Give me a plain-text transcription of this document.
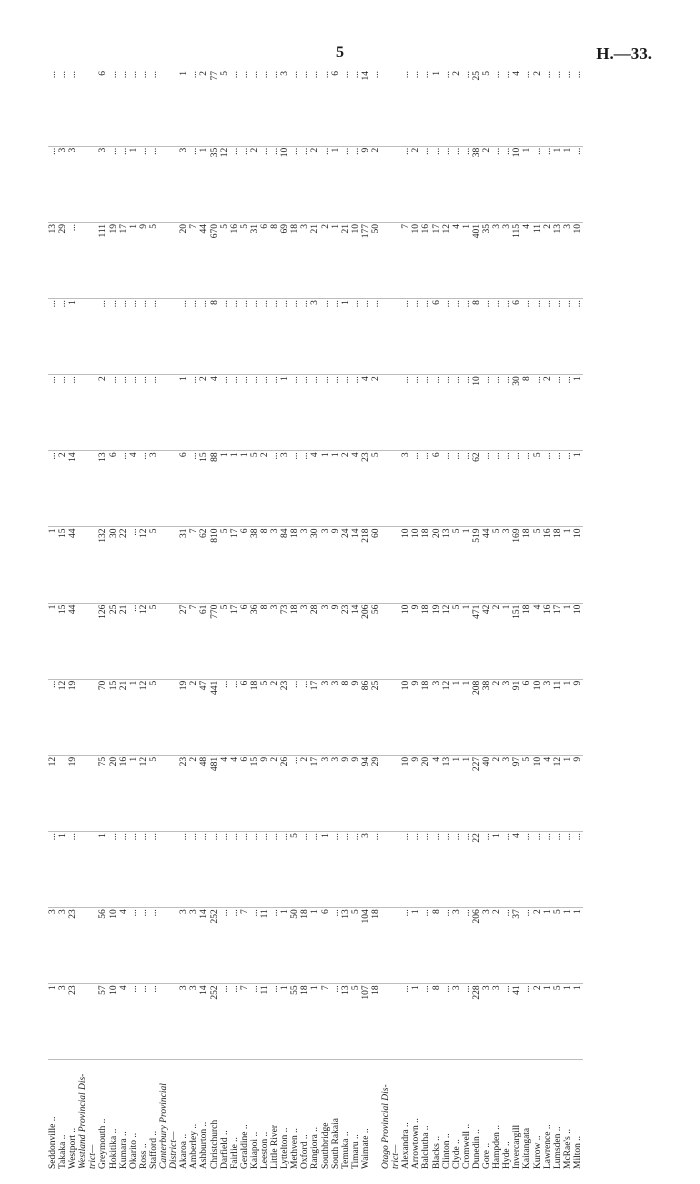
5	H.—33.
Seddonville ..	1	3	...	12	...	1	1	...	...	...	13	...	...
Takaka ..	3	3	1		12	15	15	2	...	...	29	3	...
Westport ..	23	23	...	19	19	44	44	14	...	1	...	3	...
Westland Provincial Dis-													
trict—													
Greymouth ..	57	56	1	75	70	126	132	13	2	...	111	3	6
Hokitika ..	10	10	...	20	15	25	30	6	...	...	19	...	...
Kumara ..	4	4	...	16	21	21	22	...	...	...	17	...	...
Okarito ..	...	...	...	1	1	...	...	4	...	...	1	1	...
Ross ..	...	...	...	12	12	12	12	...	...	...	9	...	...
Stafford ..	...	...	...	5	5	5	5	3	...	...	5	...	...
Canterbury Provincial													
District—													
Akaroa ..	3	3	...	23	19	27	31	6	1	...	20	3	1
Amberley ..	3	3	...	2	2	7	7	...	...	...	7	...	...
Ashburton ..	14	14	...	48	47	61	62	15	2	...	44	1	2
Christchurch	252	252	...	481	441	770	810	88	4	8	670	35	77
Darfield ..	...	...	...	4	...	5	5	1	...	...	5	12	5
Fairlie ..	...	...	...	4	...	17	17	1	...	...	16	...	...
Geraldine ..	7	7	...	6	6	6	6	1	...	...	5	...	...
Kaiapoi ..	...	...	...	15	18	36	38	5	...	...	31	2	...
Leeston ..	11	11	...	9	5	8	8	2	...	...	6	...	...
Little River	...	...	...	2	2	3	3	...	...	...	8	...	...
Lyttelton ..	1	1	...	26	23	73	84	3	1	...	69	10	3
Methven ..	55	50	5	...	...	18	18	...	...	...	18	...	...
Oxford ..	18	18	...	2	...	3	3	...	...	...	3	...	...
Rangiora ..	1	1	...	17	17	28	30	4	...	3	21	2	...
Southbridge	7	6	1	3	3	3	3	1	...	...	2	...	...
South Rakaia	...	...	...	3	3	9	9	1	...	...	1	1	6
Temuka ..	13	13	...	9	8	23	24	2	...	1	21	...	...
Timaru ..	5	5	...	9	9	14	14	4	...	...	10	...	...
Waimate ..	107	104	3	94	86	206	218	23	4	...	177	9	14
	18	18	...	29	25	56	60	5	2	...	50	2	...
Otago Provincial Dis-													
trict—													
Alexandra ..	...	...	...	10	10	10	10	3	...	...	7	...	...
Arrowtown ..	1	1	...	9	9	9	10	...	...	...	10	2	...
Balclutha ..	...	...	...	20	18	18	18	...	...	...	16	...	...
Blacks ..	8	8	...	4	3	19	20	6	...	6	17	...	1
Clinton ..	...	...	...	13	12	12	13	...	...	...	12	...	...
Clyde ..	3	3	...	1	1	5	5	...	...	...	4	...	2
Cromwell ..	...	...	...	1	1	1	1	...	...	...	1	...	...
Dunedin ..	228	206	22	227	208	471	519	62	10	8	401	38	25
Gore ..	3	3	...	40	38	42	44	...	...	...	35	2	5
Hampden ..	3	2	1	2	2	2	5	...	...	...	3	...	...
Hyde ..	...	...	...	3	3	1	3	...	...	...	3	...	...
Invercargill	41	37	4	97	91	151	169	...	30	6	115	10	4
Kaitangata	...	...	...	5	6	18	18	...	8	...	4	1	...
Kurow ..	2	2	...	10	10	4	5	5	...	...	11	...	2
Lawrence ..	1	1	...	4	3	16	16	...	2	...	2	...	...
Lumsden ..	5	5	...	12	11	17	18	...	...	...	13	1	...
McRae's ..	1	1	...	1	1	1	1	...	...	...	3	1	...
Milton ..	1	1	...	9	9	10	10	1	1	...	10	...	...
